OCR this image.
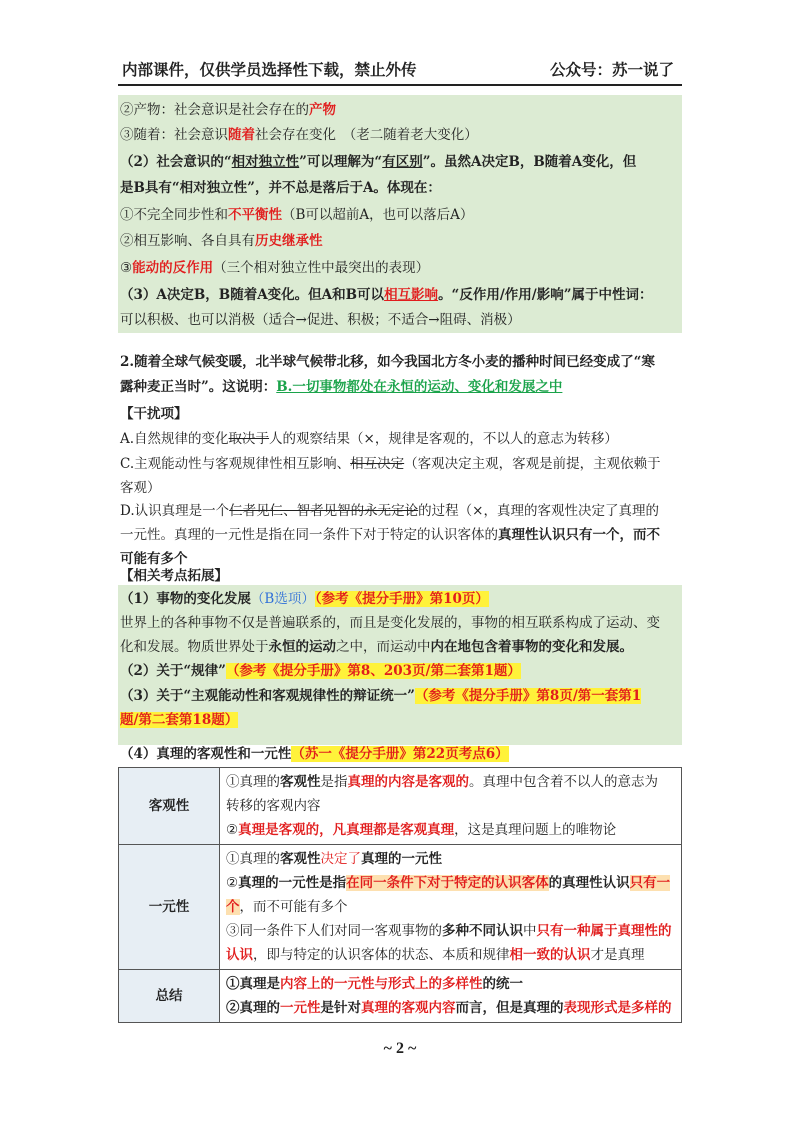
内部课件，仅供学员选择性下载，禁止外传	公众号：苏一说了
②产物：社会意识是社会存在的产物
③随着：社会意识随着社会存在变化　（老二随着老大变化）
（2）社会意识的“相对独立性”可以理解为“有区别”。虽然A决定B，B随着A变化，但
是B具有“相对独立性”，并不总是落后于A。体现在：
①不完全同步性和不平衡性（B可以超前A，也可以落后A）
②相互影响、各自具有历史继承性
③能动的反作用（三个相对独立性中最突出的表现）
（3）A决定B，B随着A变化。但A和B可以相互影响。“反作用/作用/影响”属于中性词：
可以积极、也可以消极（适合→促进、积极；不适合→阻碍、消极）
2.随着全球气候变暖，北半球气候带北移，如今我国北方冬小麦的播种时间已经变成了“寒
露种麦正当时”。这说明：B.一切事物都处在永恒的运动、变化和发展之中
【干扰项】
A.自然规律的变化取决于人的观察结果（×，规律是客观的，不以人的意志为转移）
C.主观能动性与客观规律性相互影响、相互决定（客观决定主观，客观是前提，主观依赖于
客观）
D.认识真理是一个仁者见仁、智者见智的永无定论的过程（×，真理的客观性决定了真理的
一元性。真理的一元性是指在同一条件下对于特定的认识客体的真理性认识只有一个，而不
可能有多个
【相关考点拓展】
（1）事物的变化发展（B选项）（参考《提分手册》第10页）
世界上的各种事物不仅是普遍联系的，而且是变化发展的，事物的相互联系构成了运动、变
化和发展。物质世界处于永恒的运动之中，而运动中内在地包含着事物的变化和发展。
（2）关于“规律”（参考《提分手册》第8、203页/第二套第1题）
（3）关于“主观能动性和客观规律性的辩证统一”（参考《提分手册》第8页/第一套第1
题/第二套第18题）
（4）真理的客观性和一元性（苏一《提分手册》第22页考点6）
客观性	①真理的客观性是指真理的内容是客观的。真理中包含着不以人的意志为
转移的客观内容
②真理是客观的，凡真理都是客观真理，这是真理问题上的唯物论
一元性	①真理的客观性决定了真理的一元性
②真理的一元性是指在同一条件下对于特定的认识客体的真理性认识只有一个，而不可能有多个
③同一条件下人们对同一客观事物的多种不同认识中只有一种属于真理性的认识，即与特定的认识客体的状态、本质和规律相一致的认识才是真理
总结	①真理是内容上的一元性与形式上的多样性的统一
②真理的一元性是针对真理的客观内容而言，但是真理的表现形式是多样的
~ 2 ~
